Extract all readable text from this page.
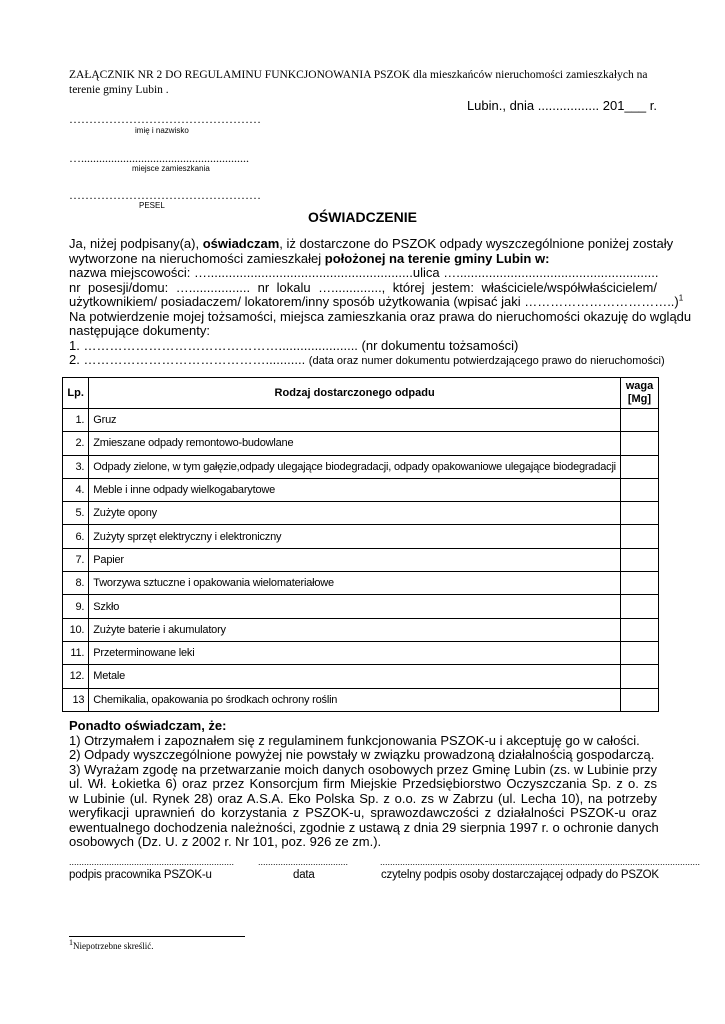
ZAŁĄCZNIK NR 2 DO REGULAMINU FUNKCJONOWANIA PSZOK dla mieszkańców nieruchomości zamieszkałych na terenie gminy Lubin .
Lubin., dnia ................. 201___ r.
…………………………………………
imię i nazwisko
…........................................................
miejsce zamieszkania
…………………………………………
PESEL
OŚWIADCZENIE
Ja, niżej podpisany(a), oświadczam, iż dostarczone do PSZOK odpady wyszczególnione poniżej zostały
wytworzone na nieruchomości zamieszkałej położonej na terenie gminy Lubin w:
nazwa miejscowości: ….........................................................ulica …........................................................
nr posesji/domu: …................. nr lokalu ….............., której jestem: właściciele/współwłaścicielem/
użytkownikiem/ posiadaczem/ lokatorem/inny sposób użytkowania (wpisać jaki ……………………………..)$^1$
Na potwierdzenie mojej tożsamości, miejsca zamieszkania oraz prawa do nieruchomości okazuję do wglądu
następujące dokumenty:
1. ………………………………………...................... (nr dokumentu tożsamości)
2. ……………………………………........... (data oraz numer dokumentu potwierdzającego prawo do nieruchomości)
Lp.	Rodzaj dostarczonego odpadu	waga
[Mg]
1.	Gruz	
2.	Zmieszane odpady remontowo-budowlane	
3.	Odpady zielone, w tym gałęzie,odpady ulegające biodegradacji, odpady opakowaniowe ulegające biodegradacji	
4.	Meble i inne odpady wielkogabarytowe	
5.	Zużyte opony	
6.	Zużyty sprzęt elektryczny i elektroniczny	
7.	Papier	
8.	Tworzywa sztuczne i opakowania wielomateriałowe	
9.	Szkło	
10.	Zużyte baterie i akumulatory	
11.	Przeterminowane leki	
12.	Metale	
13	Chemikalia, opakowania po środkach ochrony roślin	
Ponadto oświadczam, że:
1) Otrzymałem i zapoznałem się z regulaminem funkcjonowania PSZOK-u i akceptuję go w całości.
2) Odpady wyszczególnione powyżej nie powstały w związku prowadzoną działalnością gospodarczą.
3) Wyrażam zgodę na przetwarzanie moich danych osobowych przez Gminę Lubin (zs. w Lubinie przy
ul. Wł. Łokietka 6) oraz przez Konsorcjum firm Miejskie Przedsiębiorstwo Oczyszczania Sp. z o. zs
w Lubinie (ul. Rynek 28) oraz A.S.A. Eko Polska Sp. z o.o. zs w Zabrzu (ul. Lecha 10), na potrzeby
weryfikacji uprawnień do korzystania z PSZOK-u, sprawozdawczości z działalności PSZOK-u oraz
ewentualnego dochodzenia należności, zgodnie z ustawą z dnia 29 sierpnia 1997 r. o ochronie danych
osobowych (Dz. U. z 2002 r. Nr 101, poz. 926 ze zm.).
..................................................................	....................................	................................................................................................................................
podpis pracownika PSZOK-u	data	czytelny podpis osoby dostarczającej odpady do PSZOK
$^1$Niepotrzebne skreślić.
